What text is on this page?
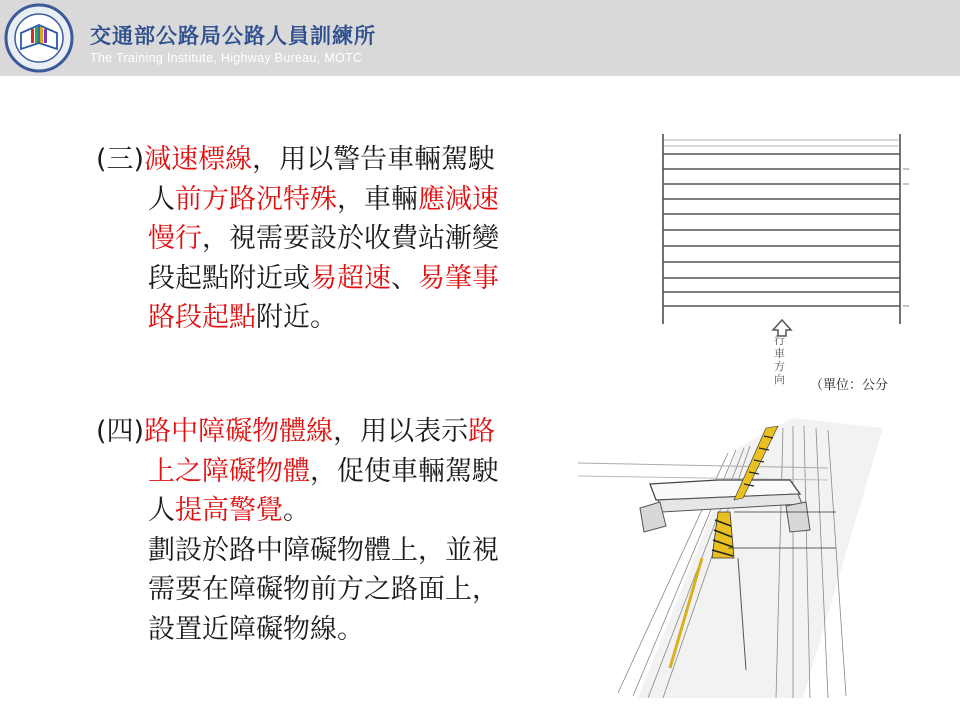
交通部公路局公路人員訓練所
The Training Institute, Highway Bureau, MOTC
(三)減速標線，用以警告車輛駕駛
人前方路況特殊，車輛應減速
慢行，視需要設於收費站漸變
段起點附近或易超速、易肇事
路段起點附近。
(四)路中障礙物體線，用以表示路
上之障礙物體，促使車輛駕駛
人提高警覺。
劃設於路中障礙物體上，並視
需要在障礙物前方之路面上，
設置近障礙物線。
行車方向	（單位：公分
